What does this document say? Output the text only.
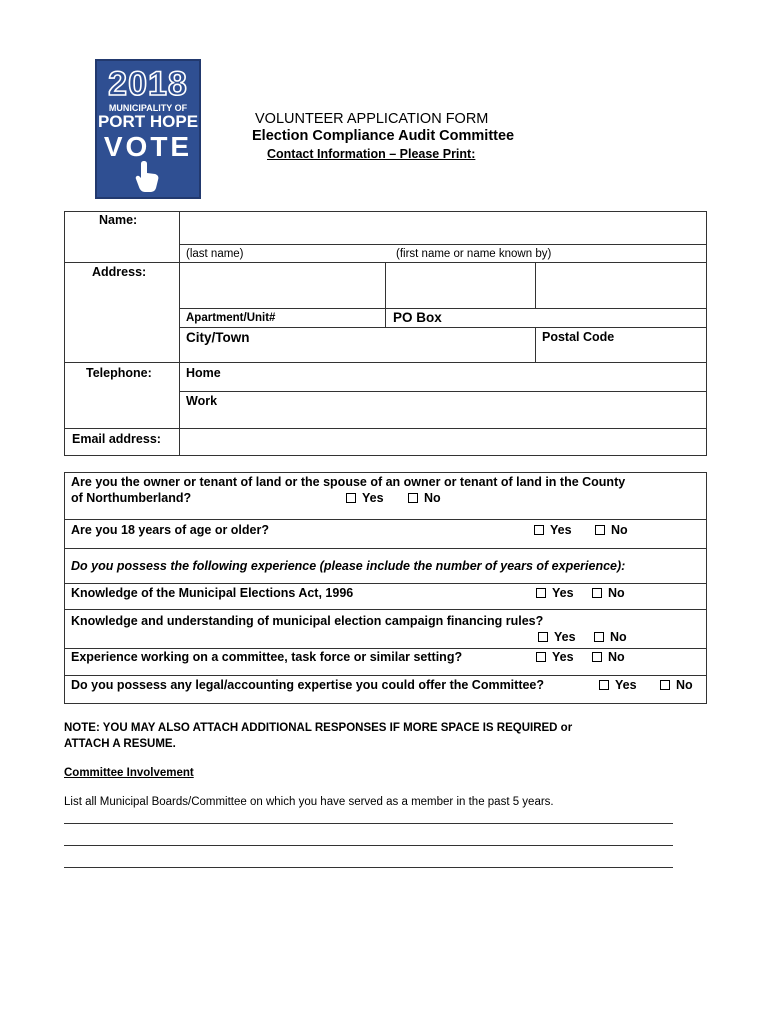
2018
MUNICIPALITY OF
PORT HOPE
VOTE
VOLUNTEER APPLICATION FORM
Election Compliance Audit Committee
Contact Information – Please Print:
Name:
(last name)	(first name or name known by)
Address:
Apartment/Unit#	PO Box
City/Town	Postal Code
Telephone:	Home
Work
Email address:
Are you the owner or tenant of land or the spouse of an owner or tenant of land in the County
of Northumberland?	Yes	No
Are you 18 years of age or older?	Yes	No
Do you possess the following experience (please include the number of years of experience):
Knowledge of the Municipal Elections Act, 1996	Yes	No
Knowledge and understanding of municipal election campaign financing rules?
Yes	No
Experience working on a committee, task force or similar setting?	Yes	No
Do you possess any legal/accounting expertise you could offer the Committee?	Yes	No
NOTE: YOU MAY ALSO ATTACH ADDITIONAL RESPONSES IF MORE SPACE IS REQUIRED or
ATTACH A RESUME.
Committee Involvement
List all Municipal Boards/Committee on which you have served as a member in the past 5 years.
